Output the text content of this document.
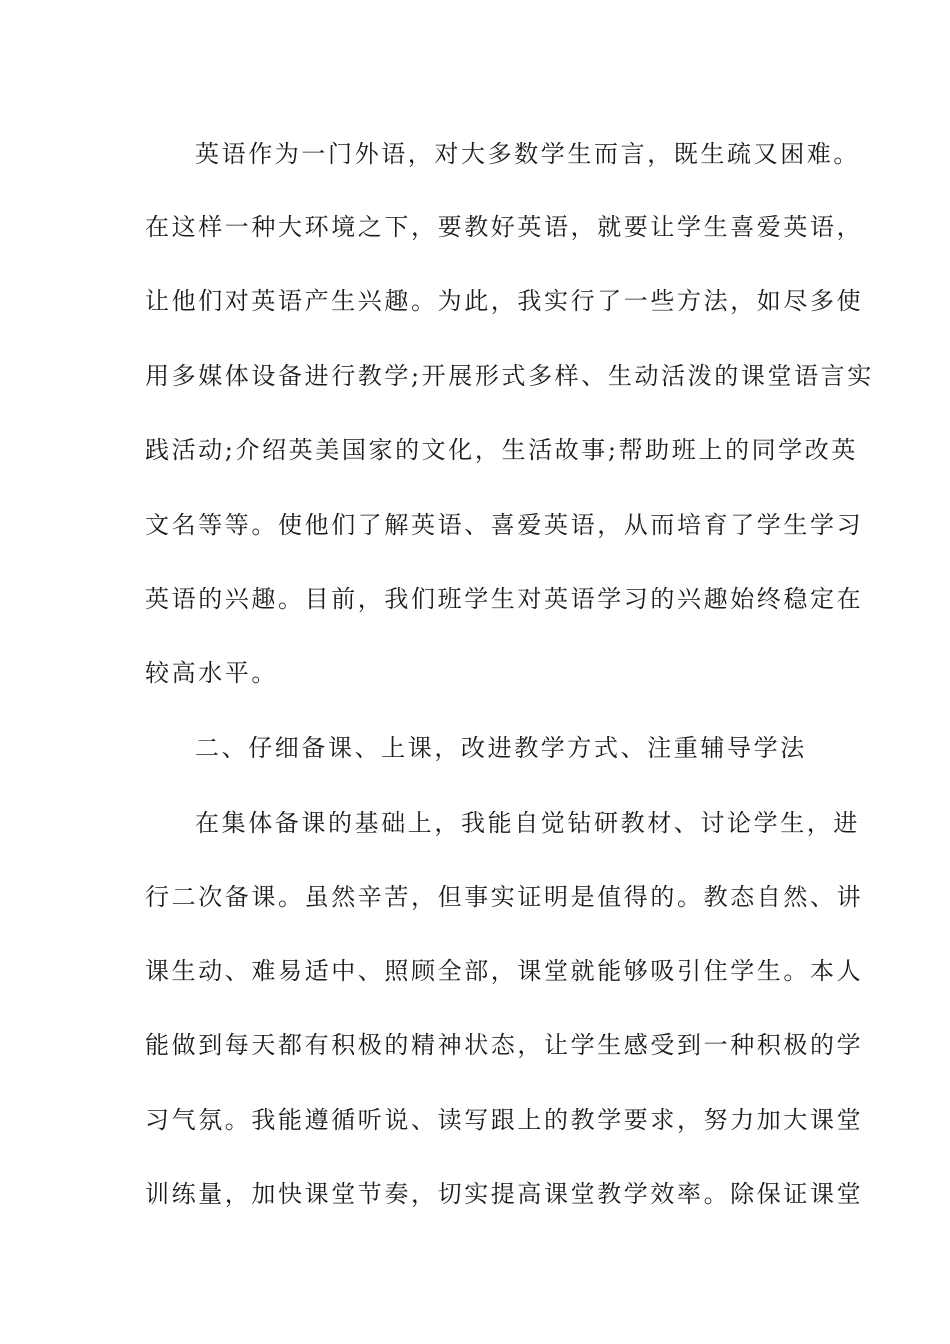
英语作为一门外语，对大多数学生而言，既生疏又困难。
在这样一种大环境之下，要教好英语，就要让学生喜爱英语，
让他们对英语产生兴趣。为此，我实行了一些方法，如尽多使
用多媒体设备进行教学;开展形式多样、生动活泼的课堂语言实
践活动;介绍英美国家的文化，生活故事;帮助班上的同学改英
文名等等。使他们了解英语、喜爱英语，从而培育了学生学习
英语的兴趣。目前，我们班学生对英语学习的兴趣始终稳定在
较高水平。
二、仔细备课、上课，改进教学方式、注重辅导学法
在集体备课的基础上，我能自觉钻研教材、讨论学生，进
行二次备课。虽然辛苦，但事实证明是值得的。教态自然、讲
课生动、难易适中、照顾全部，课堂就能够吸引住学生。本人
能做到每天都有积极的精神状态，让学生感受到一种积极的学
习气氛。我能遵循听说、读写跟上的教学要求，努力加大课堂
训练量，加快课堂节奏，切实提高课堂教学效率。除保证课堂
